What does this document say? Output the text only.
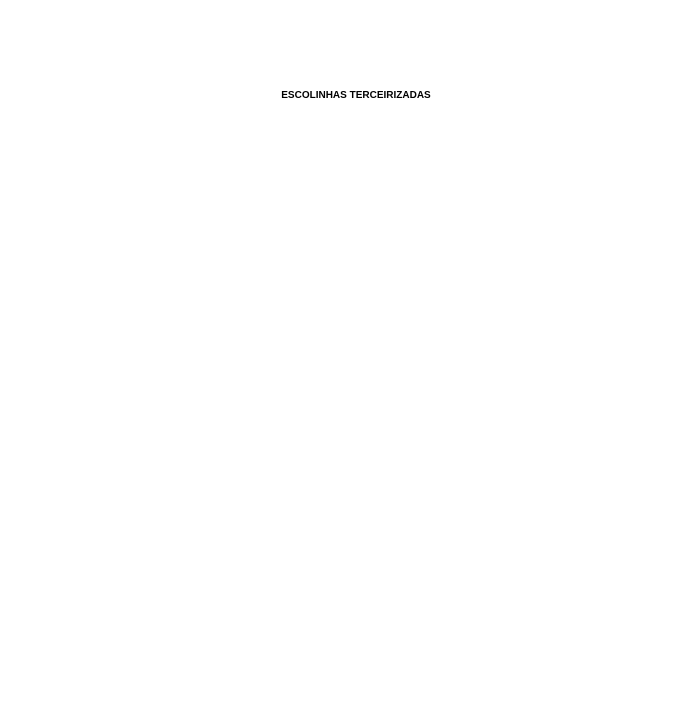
ESCOLINHAS TERCEIRIZADAS
